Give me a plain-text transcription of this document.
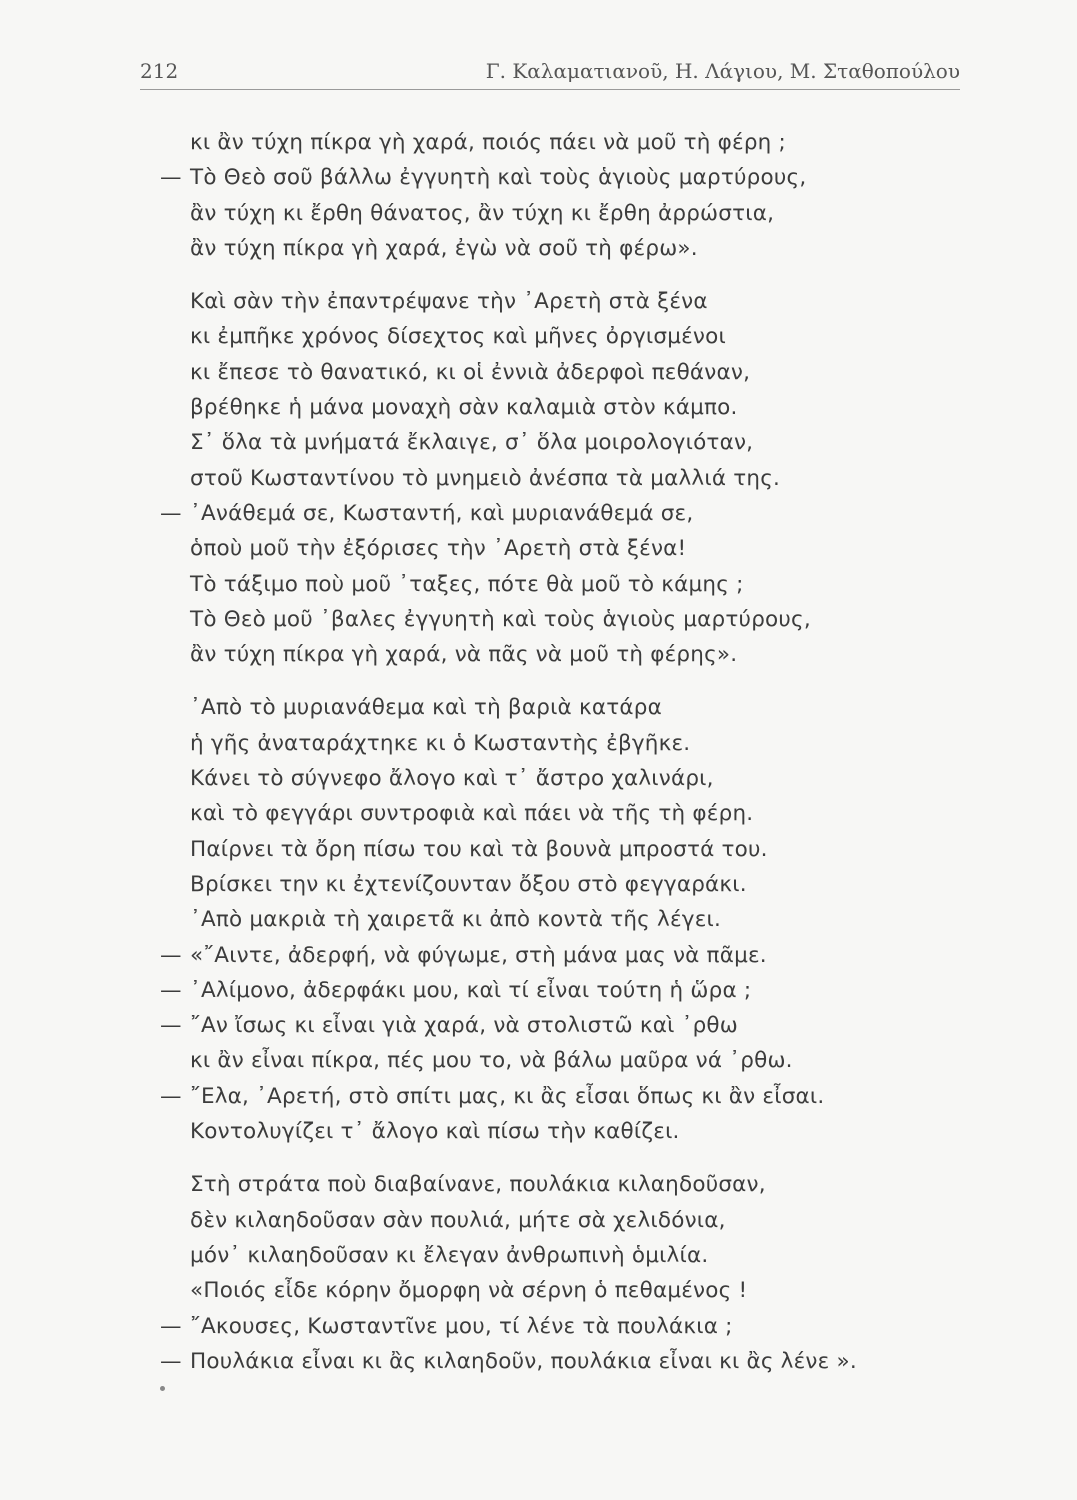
212	Γ. Καλαματιανοῦ, Η. Λάγιου, Μ. Σταθοπούλου
κι ἂν τύχη πίκρα γὴ χαρά, ποιός πάει νὰ μοῦ τὴ φέρη ;
— Τὸ Θεὸ σοῦ βάλλω ἐγγυητὴ καὶ τοὺς ἁγιοὺς μαρτύρους,
ἂν τύχη κι ἔρθη θάνατος, ἂν τύχη κι ἔρθη ἀρρώστια,
ἂν τύχη πίκρα γὴ χαρά, ἐγὼ νὰ σοῦ τὴ φέρω».
Καὶ σὰν τὴν ἐπαντρέψανε τὴν ᾿Αρετὴ στὰ ξένα
κι ἐμπῆκε χρόνος δίσεχτος καὶ μῆνες ὀργισμένοι
κι ἔπεσε τὸ θανατικό, κι οἱ ἐννιὰ ἀδερφοὶ πεθάναν,
βρέθηκε ἡ μάνα μοναχὴ σὰν καλαμιὰ στὸν κάμπο.
Σ᾿ ὅλα τὰ μνήματά ἔκλαιγε, σ᾿ ὅλα μοιρολογιόταν,
στοῦ Κωσταντίνου τὸ μνημειὸ ἀνέσπα τὰ μαλλιά της.
— ᾿Ανάθεμά σε, Κωσταντή, καὶ μυριανάθεμά σε,
ὁποὺ μοῦ τὴν ἐξόρισες τὴν ᾿Αρετὴ στὰ ξένα!
Τὸ τάξιμο ποὺ μοῦ ᾿ταξες, πότε θὰ μοῦ τὸ κάμης ;
Τὸ Θεὸ μοῦ ᾿βαλες ἐγγυητὴ καὶ τοὺς ἁγιοὺς μαρτύρους,
ἂν τύχη πίκρα γὴ χαρά, νὰ πᾶς νὰ μοῦ τὴ φέρης».
᾿Απὸ τὸ μυριανάθεμα καὶ τὴ βαριὰ κατάρα
ἡ γῆς ἀναταράχτηκε κι ὁ Κωσταντὴς ἐβγῆκε.
Κάνει τὸ σύγνεφο ἄλογο καὶ τ᾿ ἄστρο χαλινάρι,
καὶ τὸ φεγγάρι συντροφιὰ καὶ πάει νὰ τῆς τὴ φέρη.
Παίρνει τὰ ὄρη πίσω του καὶ τὰ βουνὰ μπροστά του.
Βρίσκει την κι ἐχτενίζουνταν ὄξου στὸ φεγγαράκι.
᾿Απὸ μακριὰ τὴ χαιρετᾶ κι ἀπὸ κοντὰ τῆς λέγει.
— «῎Αιντε, ἀδερφή, νὰ φύγωμε, στὴ μάνα μας νὰ πᾶμε.
— ᾿Αλίμονο, ἀδερφάκι μου, καὶ τί εἶναι τούτη ἡ ὥρα ;
— ῎Αν ἴσως κι εἶναι γιὰ χαρά, νὰ στολιστῶ καὶ ᾿ρθω
κι ἂν εἶναι πίκρα, πές μου το, νὰ βάλω μαῦρα νά ᾿ρθω.
— ῎Ελα, ᾿Αρετή, στὸ σπίτι μας, κι ἂς εἶσαι ὅπως κι ἂν εἶσαι.
Κοντολυγίζει τ᾿ ἄλογο καὶ πίσω τὴν καθίζει.
Στὴ στράτα ποὺ διαβαίνανε, πουλάκια κιλαηδοῦσαν,
δὲν κιλαηδοῦσαν σὰν πουλιά, μήτε σὰ χελιδόνια,
μόν᾿ κιλαηδοῦσαν κι ἔλεγαν ἀνθρωπινὴ ὁμιλία.
«Ποιός εἶδε κόρην ὄμορφη νὰ σέρνη ὁ πεθαμένος !
— ῎Ακουσες, Κωσταντῖνε μου, τί λένε τὰ πουλάκια ;
— Πουλάκια εἶναι κι ἂς κιλαηδοῦν, πουλάκια εἶναι κι ἂς λένε ».
